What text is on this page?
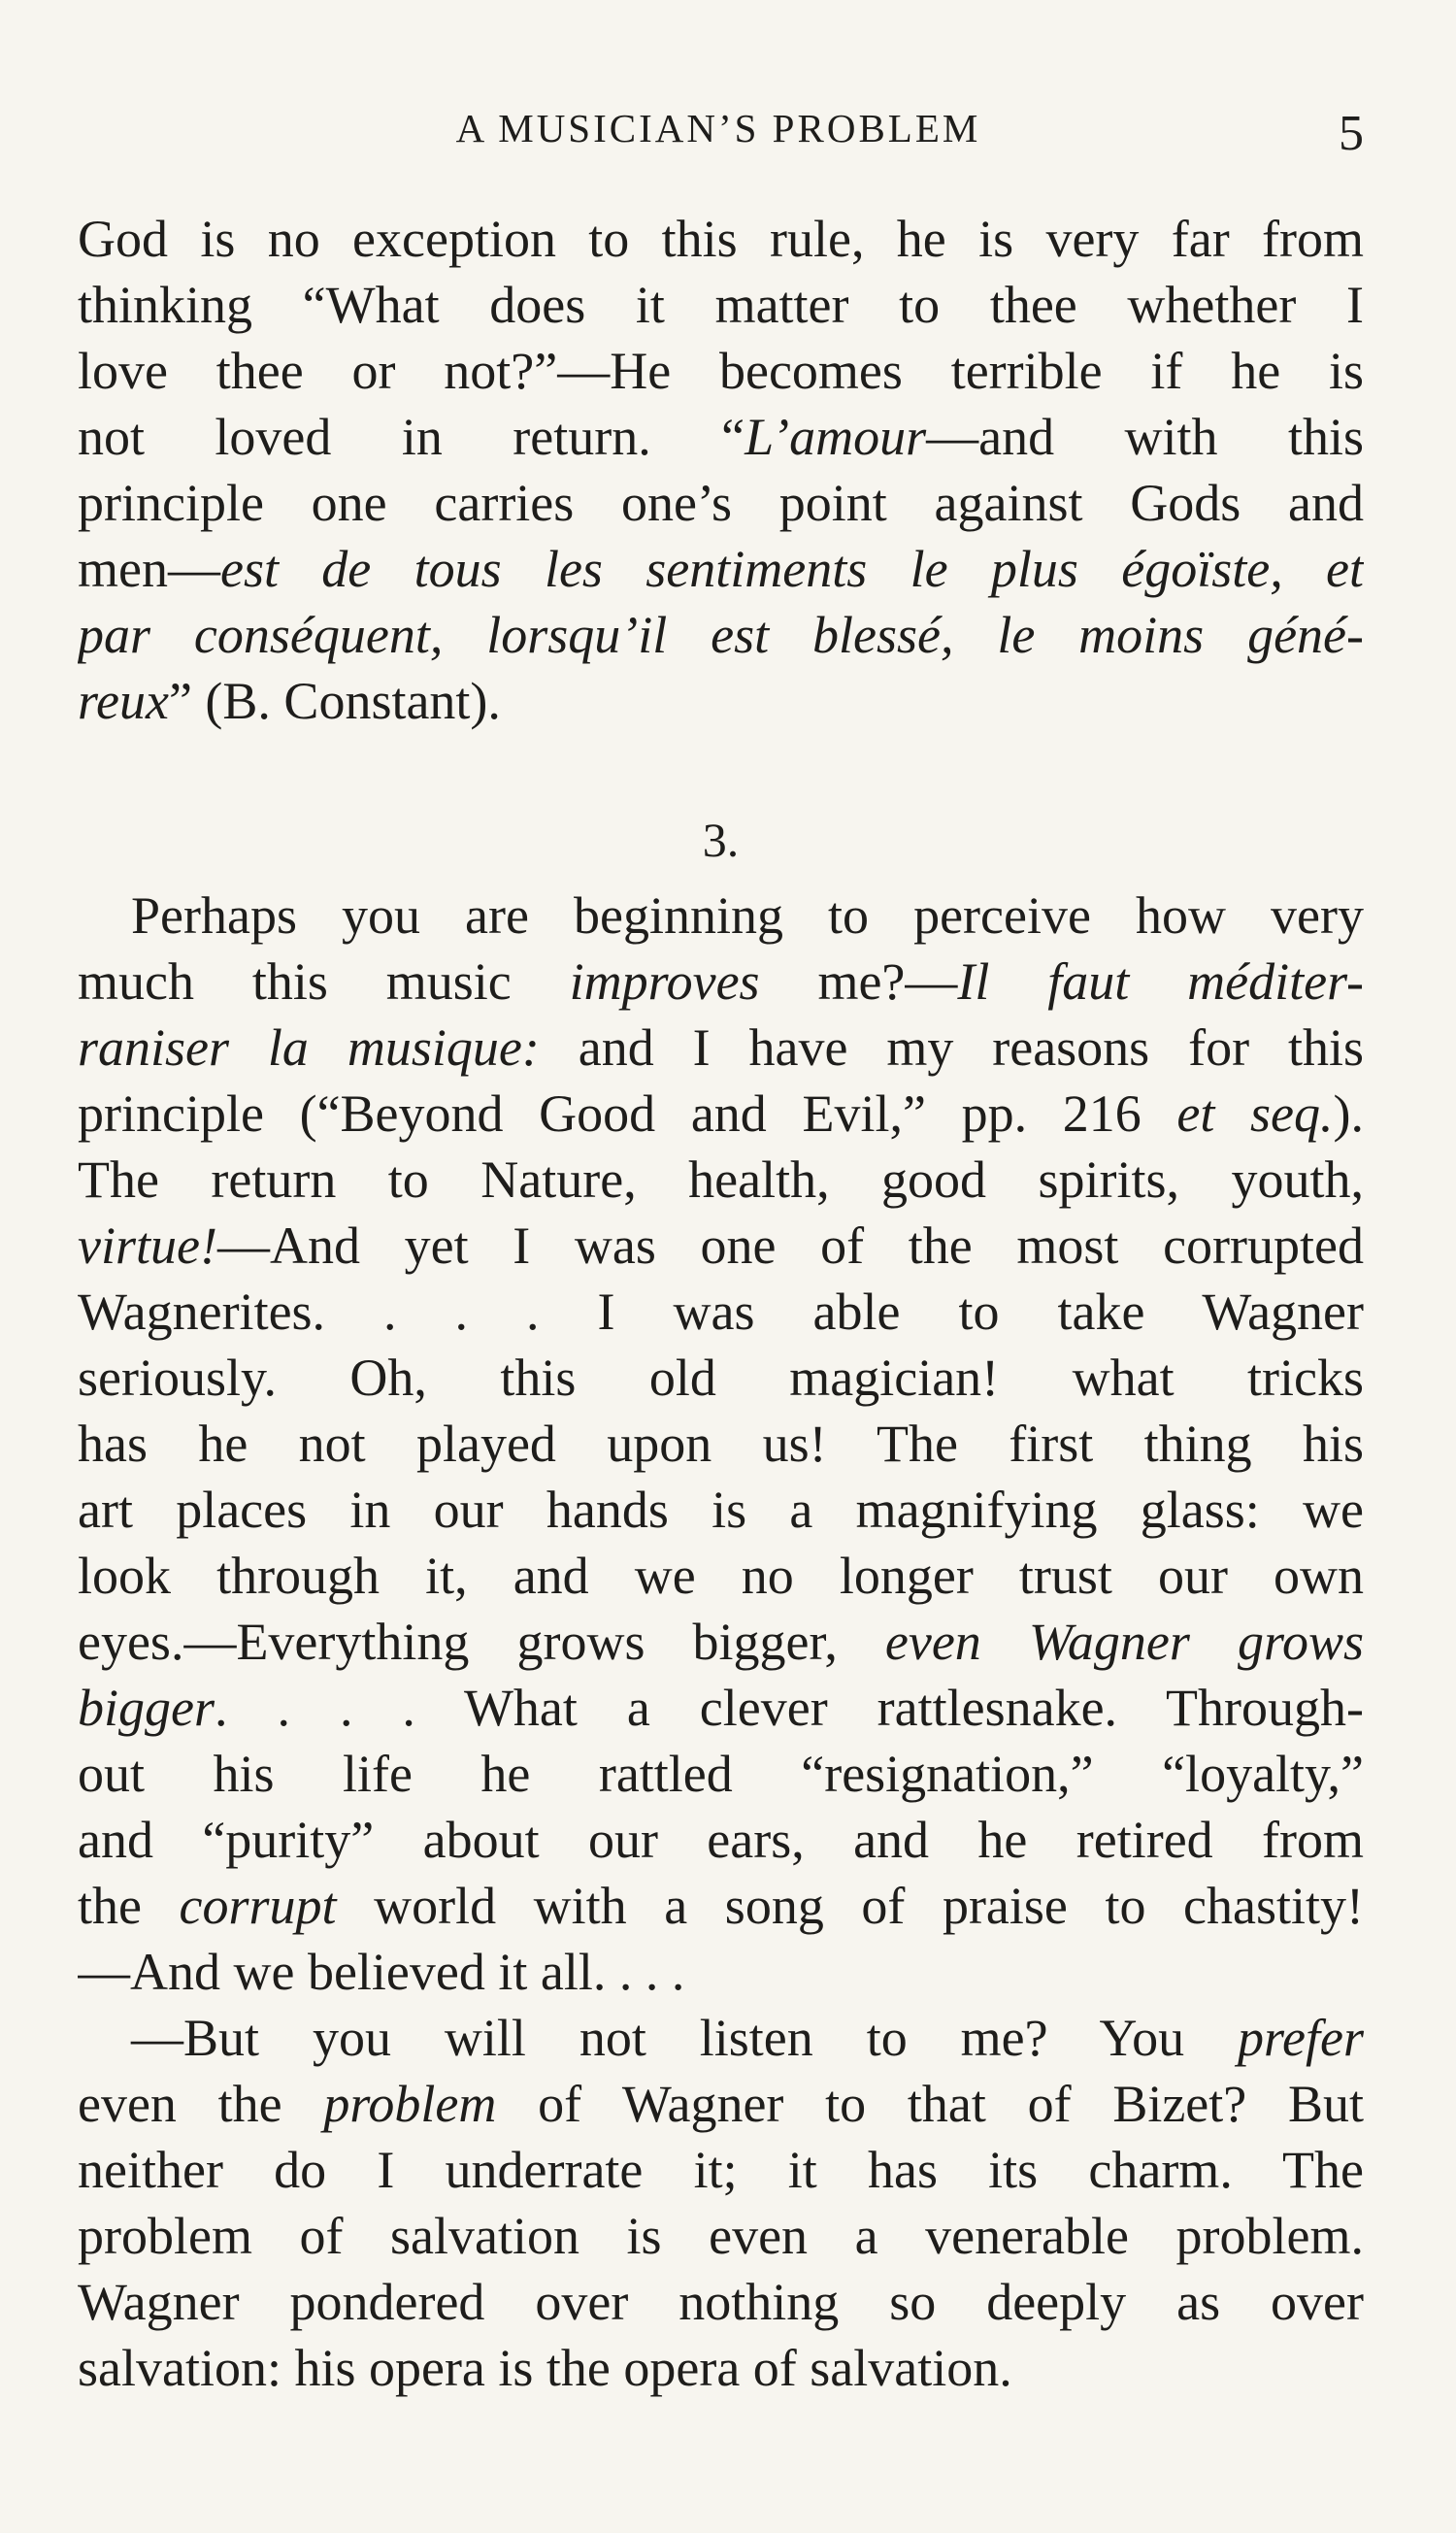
A MUSICIAN’S PROBLEM	5
God is no exception to this rule, he is very far from
thinking “What does it matter to thee whether I
love thee or not?”—He becomes terrible if he is
not loved in return. “L’amour—and with this
principle one carries one’s point against Gods and
men—est de tous les sentiments le plus égoïste, et
par conséquent, lorsqu’il est blessé, le moins géné-
reux” (B. Constant).
3.
Perhaps you are beginning to perceive how very
much this music improves me?—Il faut méditer-
raniser la musique: and I have my reasons for this
principle (“Beyond Good and Evil,” pp. 216 et seq.).
The return to Nature, health, good spirits, youth,
virtue!—And yet I was one of the most corrupted
Wagnerites. . . . I was able to take Wagner
seriously. Oh, this old magician! what tricks
has he not played upon us! The first thing his
art places in our hands is a magnifying glass: we
look through it, and we no longer trust our own
eyes.—Everything grows bigger, even Wagner grows
bigger. . . . What a clever rattlesnake. Through-
out his life he rattled “resignation,” “loyalty,”
and “purity” about our ears, and he retired from
the corrupt world with a song of praise to chastity!
—And we believed it all. . . .
—But you will not listen to me? You prefer
even the problem of Wagner to that of Bizet? But
neither do I underrate it; it has its charm. The
problem of salvation is even a venerable problem.
Wagner pondered over nothing so deeply as over
salvation: his opera is the opera of salvation.
